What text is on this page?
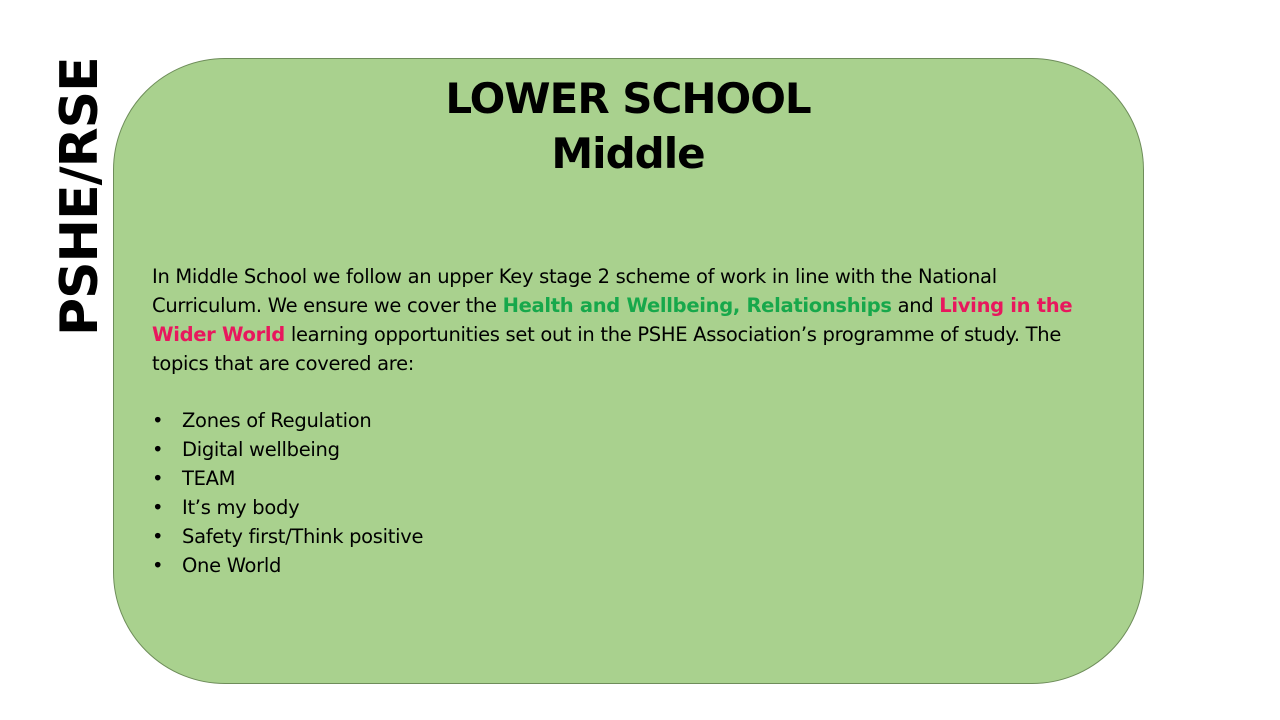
PSHE/RSE	LOWER SCHOOL
Middle

In Middle School we follow an upper Key stage 2 scheme of work in line with the National Curriculum. We ensure we cover the Health and Wellbeing, Relationships and Living in the Wider World learning opportunities set out in the PSHE Association’s programme of study. The topics that are covered are:

• Zones of Regulation
• Digital wellbeing
• TEAM
• It’s my body
• Safety first/Think positive
• One World
